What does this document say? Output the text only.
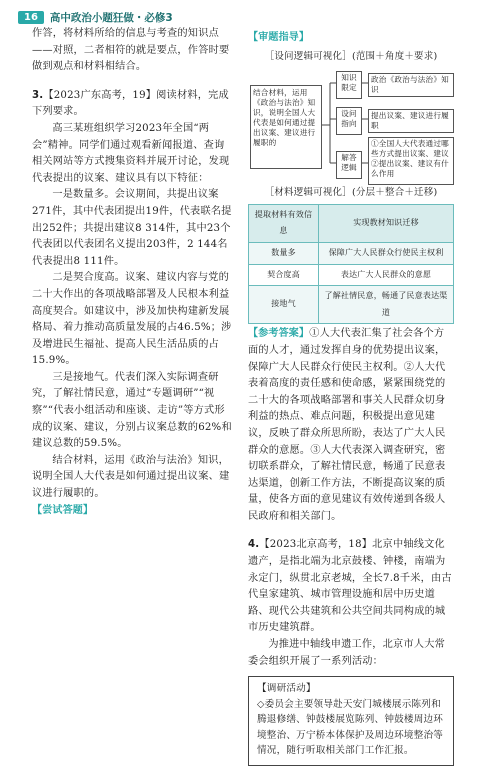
16	高中政治小题狂做・必修3

作答，将材料所给的信息与考查的知识点——对照，二者相符的就是要点，作答时要做到观点和材料相结合。

3.【2023广东高考，19】阅读材料，完成下列要求。

高三某班组织学习2023年全国“两会”精神。同学们通过观看新闻报道、查询相关网站等方式搜集资料并展开讨论，发现代表提出的议案、建议具有以下特征：

一是数量多。会议期间，共提出议案271件，其中代表团提出19件，代表联名提出252件；共提出建议8 314件，其中23个代表团以代表团名义提出203件，2 144名代表提出8 111件。

二是契合度高。议案、建议内容与党的二十大作出的各项战略部署及人民根本利益高度契合。如建议中，涉及加快构建新发展格局、着力推动高质量发展的占46.5%；涉及增进民生福祉、提高人民生活品质的占15.9%。

三是接地气。代表们深入实际调查研究，了解社情民意，通过“专题调研”“视察”“代表小组活动和座谈、走访”等方式形成的议案、建议，分别占议案总数的62%和建议总数的59.5%。

结合材料，运用《政治与法治》知识，说明全国人大代表是如何通过提出议案、建议进行履职的。

【尝试答题】

【审题指导】

［设问逻辑可视化］(范围＋角度＋要求)

结合材料，运用《政治与法治》知识，说明全国人大代表是如何通过提出议案、建议进行履职的
知识限定
政治《政治与法治》知识
设问指向
提出议案、建议进行履职
解答逻辑
①全国人大代表通过哪些方式提出议案、建议②提出议案、建议有什么作用

［材料逻辑可视化］(分层＋整合＋迁移)

提取材料有效信息	实现教材知识迁移
数量多	保障广大人民群众行使民主权利
契合度高	表达广大人民群众的意愿
接地气	了解社情民意，畅通了民意表达渠道

【参考答案】①人大代表汇集了社会各个方面的人才，通过发挥自身的优势提出议案，保障广大人民群众行使民主权利。②人大代表着高度的责任感和使命感，紧紧围绕党的二十大的各项战略部署和事关人民群众切身利益的热点、难点问题，积极提出意见建议，反映了群众所思所盼，表达了广大人民群众的意愿。③人大代表深入调查研究，密切联系群众，了解社情民意，畅通了民意表达渠道，创新工作方法，不断提高议案的质量，使各方面的意见建议有效传递到各级人民政府和相关部门。

4.【2023北京高考，18】北京中轴线文化遗产，是指北端为北京鼓楼、钟楼，南端为永定门，纵贯北京老城，全长7.8千米，由古代皇家建筑、城市管理设施和居中历史道路、现代公共建筑和公共空间共同构成的城市历史建筑群。

为推进中轴线申遗工作，北京市人大常委会组织开展了一系列活动：

【调研活动】

◇委员会主要领导赴天安门城楼展示陈列和腾退修缮、钟鼓楼展览陈列、钟鼓楼周边环境整治、万宁桥本体保护及周边环境整治等情况，随行听取相关部门工作汇报。
